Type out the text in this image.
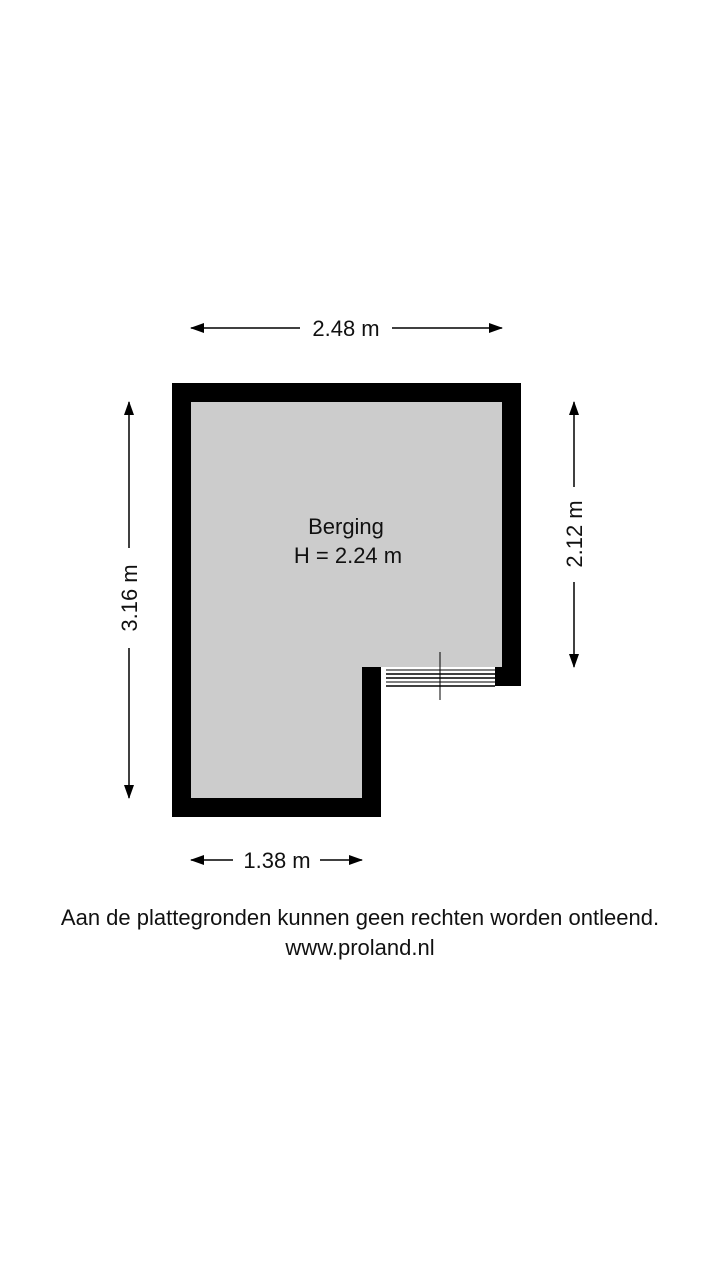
2.48 m
3.16 m
2.12 m
1.38 m
Berging
H = 2.24 m
Aan de plattegronden kunnen geen rechten worden ontleend.
www.proland.nl
